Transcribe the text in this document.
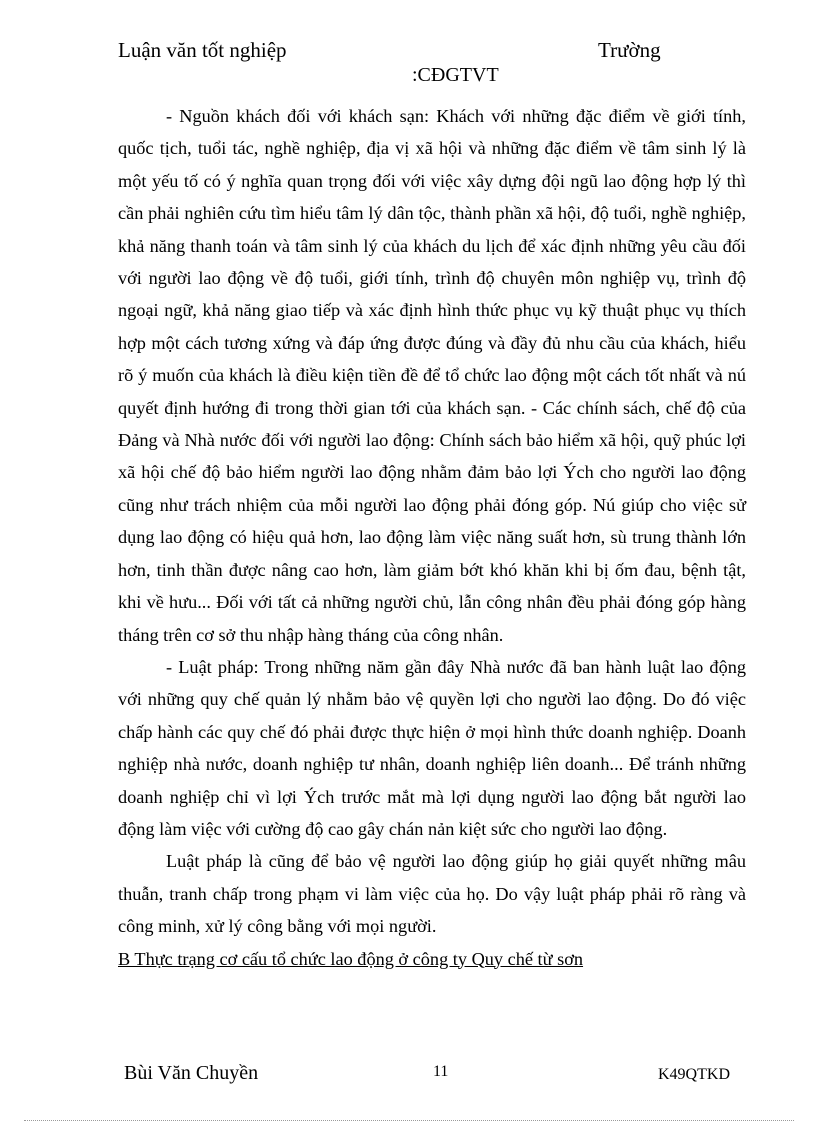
Luận văn tốt nghiệp	Trường
:CĐGTVT

- Nguồn khách đối với khách sạn: Khách với những đặc điểm về giới tính, quốc tịch, tuổi tác, nghề nghiệp, địa vị xã hội và những đặc điểm về tâm sinh lý là một yếu tố có ý nghĩa quan trọng đối với việc xây dựng đội ngũ lao động hợp lý thì cần phải nghiên cứu tìm hiểu tâm lý dân tộc, thành phần xã hội, độ tuổi, nghề nghiệp, khả năng thanh toán và tâm sinh lý của khách du lịch để xác định những yêu cầu đối với người lao động về độ tuổi, giới tính, trình độ chuyên môn nghiệp vụ, trình độ ngoại ngữ, khả năng giao tiếp và xác định hình thức phục vụ kỹ thuật phục vụ thích hợp một cách tương xứng và đáp ứng được đúng và đầy đủ nhu cầu của khách, hiểu rõ ý muốn của khách là điều kiện tiền đề để tổ chức lao động một cách tốt nhất và nú quyết định hướng đi trong thời gian tới của khách sạn. - Các chính sách, chế độ của Đảng và Nhà nước đối với người lao động: Chính sách bảo hiểm xã hội, quỹ phúc lợi xã hội chế độ bảo hiểm người lao động nhằm đảm bảo lợi Ých cho người lao động cũng như trách nhiệm của mỗi người lao động phải đóng góp. Nú giúp cho việc sử dụng lao động có hiệu quả hơn, lao động làm việc năng suất hơn, sù trung thành lớn hơn, tinh thần được nâng cao hơn, làm giảm bớt khó khăn khi bị ốm đau, bệnh tật, khi về hưu... Đối với tất cả những người chủ, lẫn công nhân đều phải đóng góp hàng tháng trên cơ sở thu nhập hàng tháng của công nhân.

- Luật pháp: Trong những năm gần đây Nhà nước đã ban hành luật lao động với những quy chế quản lý nhằm bảo vệ quyền lợi cho người lao động. Do đó việc chấp hành các quy chế đó phải được thực hiện ở mọi hình thức doanh nghiệp. Doanh nghiệp nhà nước, doanh nghiệp tư nhân, doanh nghiệp liên doanh... Để tránh những doanh nghiệp chỉ vì lợi Ých trước mắt mà lợi dụng người lao động bắt người lao động làm việc với cường độ cao gây chán nản kiệt sức cho người lao động.

Luật pháp là cũng để bảo vệ người lao động giúp họ giải quyết những mâu thuẫn, tranh chấp trong phạm vi làm việc của họ. Do vậy luật pháp phải rõ ràng và công minh, xử lý công bằng với mọi người.

B Thực trạng cơ cấu tổ chức lao động ở công ty Quy chế từ sơn

Bùi Văn Chuyền	11	K49QTKD
